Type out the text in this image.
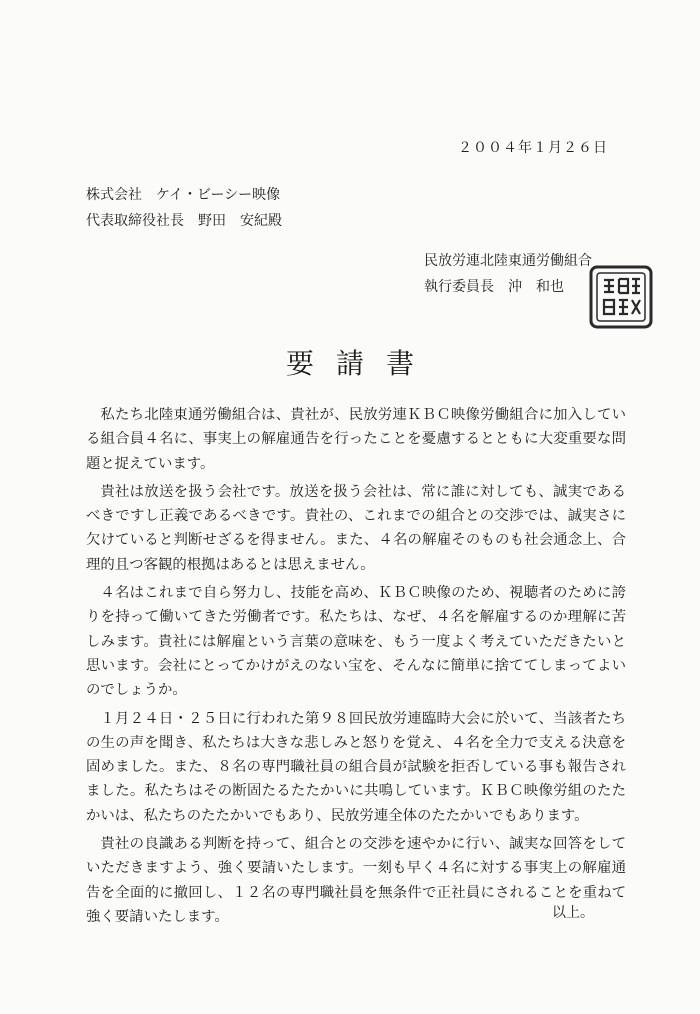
２００４年１月２６日
株式会社　ケイ・ビーシー映像
代表取締役社長　野田　安紀殿
民放労連北陸東通労働組合
執行委員長　沖　和也
要請書

私たち北陸東通労働組合は、貴社が、民放労連ＫＢＣ映像労働組合に加入している組合員４名に、事実上の解雇通告を行ったことを憂慮するとともに大変重要な問題と捉えています。

貴社は放送を扱う会社です。放送を扱う会社は、常に誰に対しても、誠実であるべきですし正義であるべきです。貴社の、これまでの組合との交渉では、誠実さに欠けていると判断せざるを得ません。また、４名の解雇そのものも社会通念上、合理的且つ客観的根拠はあるとは思えません。

４名はこれまで自ら努力し、技能を高め、ＫＢＣ映像のため、視聴者のために誇りを持って働いてきた労働者です。私たちは、なぜ、４名を解雇するのか理解に苦しみます。貴社には解雇という言葉の意味を、もう一度よく考えていただきたいと思います。会社にとってかけがえのない宝を、そんなに簡単に捨ててしまってよいのでしょうか。

１月２４日・２５日に行われた第９８回民放労連臨時大会に於いて、当該者たちの生の声を聞き、私たちは大きな悲しみと怒りを覚え、４名を全力で支える決意を固めました。また、８名の専門職社員の組合員が試験を拒否している事も報告されました。私たちはその断固たるたたかいに共鳴しています。ＫＢＣ映像労組のたたかいは、私たちのたたかいでもあり、民放労連全体のたたかいでもあります。

貴社の良識ある判断を持って、組合との交渉を速やかに行い、誠実な回答をしていただきますよう、強く要請いたします。一刻も早く４名に対する事実上の解雇通告を全面的に撤回し、１２名の専門職社員を無条件で正社員にされることを重ねて強く要請いたします。	以上。
